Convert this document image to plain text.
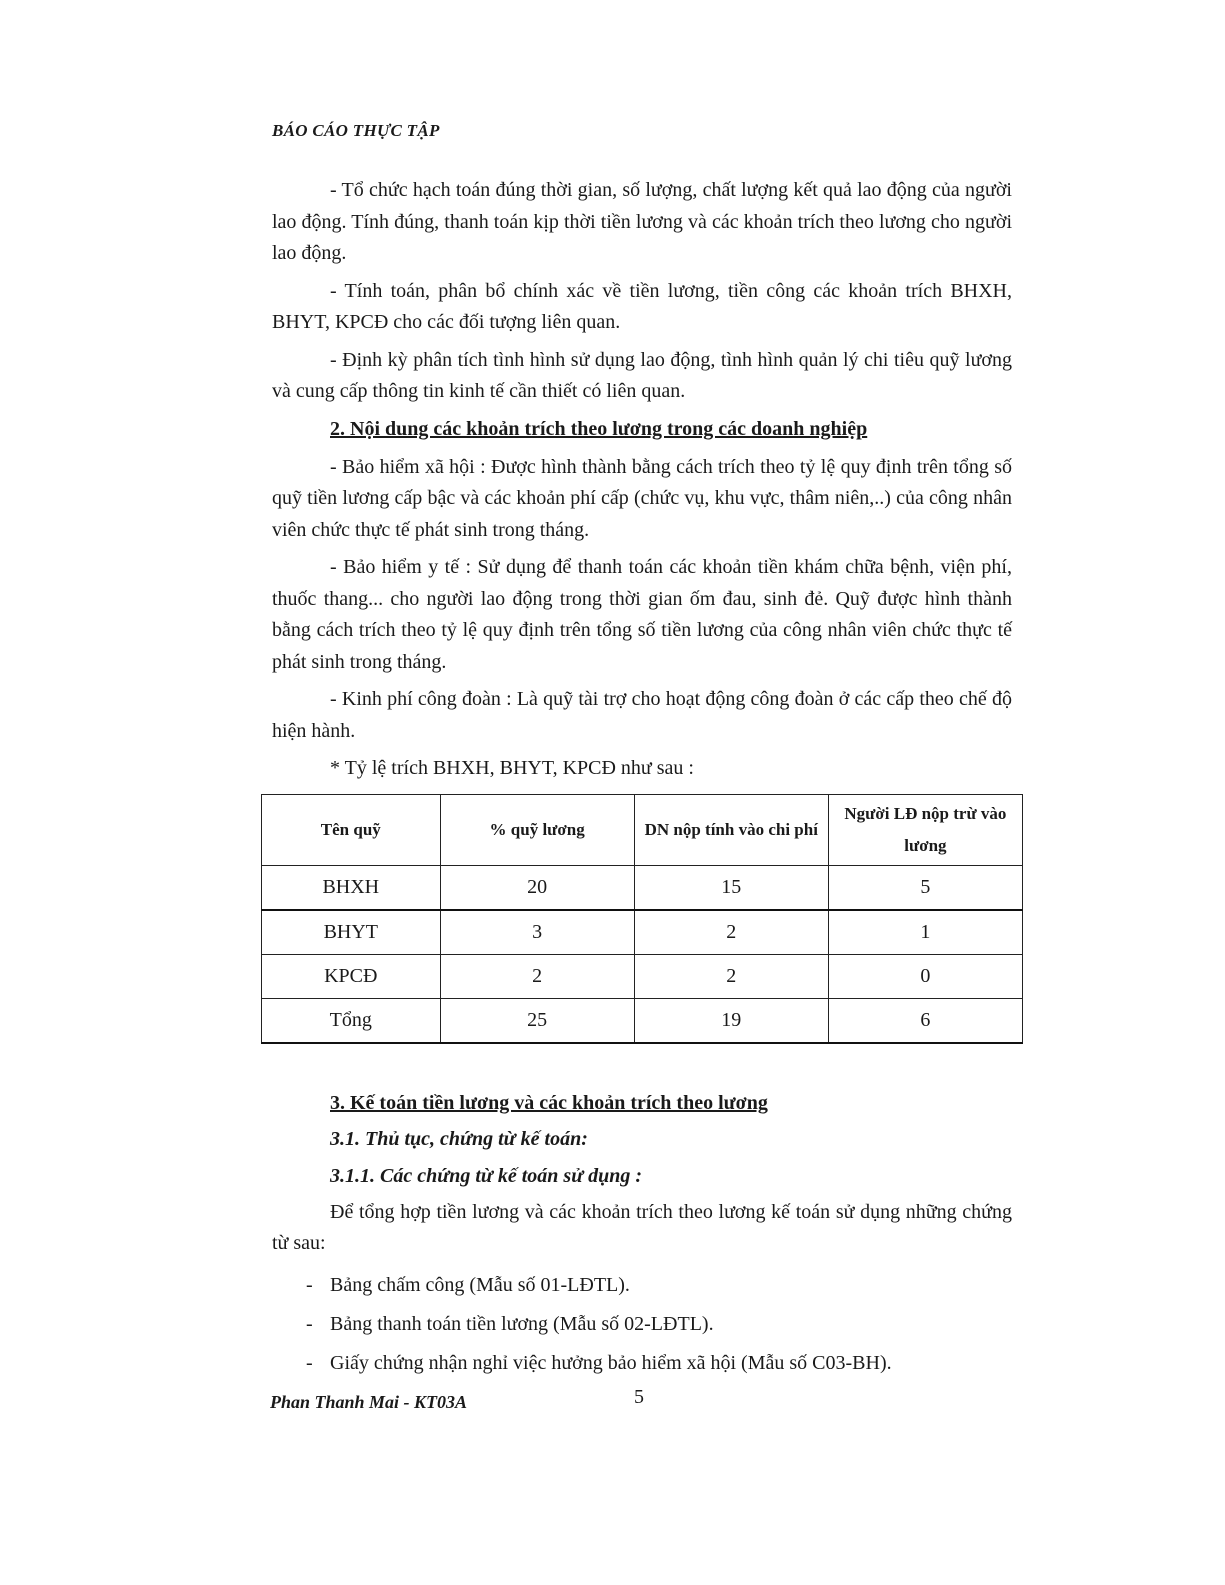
BÁO CÁO THỰC TẬP

- Tổ chức hạch toán đúng thời gian, số lượng, chất lượng kết quả lao động của người lao động. Tính đúng, thanh toán kịp thời tiền lương và các khoản trích theo lương cho người lao động.

- Tính toán, phân bổ chính xác về tiền lương, tiền công các khoản trích BHXH, BHYT, KPCĐ cho các đối tượng liên quan.

- Định kỳ phân tích tình hình sử dụng lao động, tình hình quản lý chi tiêu quỹ lương và cung cấp thông tin kinh tế cần thiết có liên quan.

2. Nội dung các khoản trích theo lương trong các doanh nghiệp

- Bảo hiểm xã hội : Được hình thành bằng cách trích theo tỷ lệ quy định trên tổng số quỹ tiền lương cấp bậc và các khoản phí cấp (chức vụ, khu vực, thâm niên,..) của công nhân viên chức thực tế phát sinh trong tháng.

- Bảo hiểm y tế : Sử dụng để thanh toán các khoản tiền khám chữa bệnh, viện phí, thuốc thang... cho người lao động trong thời gian ốm đau, sinh đẻ. Quỹ được hình thành bằng cách trích theo tỷ lệ quy định trên tổng số tiền lương của công nhân viên chức thực tế phát sinh trong tháng.

- Kinh phí công đoàn : Là quỹ tài trợ cho hoạt động công đoàn ở các cấp theo chế độ hiện hành.

* Tỷ lệ trích BHXH, BHYT, KPCĐ như sau :

Tên quỹ	% quỹ lương	DN nộp tính vào chi phí	Người LĐ nộp trừ vào lương
BHXH	20	15	5
BHYT	3	2	1
KPCĐ	2	2	0
Tổng	25	19	6

3. Kế toán tiền lương và các khoản trích theo lương

3.1. Thủ tục, chứng từ kế toán:

3.1.1. Các chứng từ kế toán sử dụng :

Để tổng hợp tiền lương và các khoản trích theo lương kế toán sử dụng những chứng từ sau:

- Bảng chấm công (Mẫu số 01-LĐTL).
- Bảng thanh toán tiền lương (Mẫu số 02-LĐTL).
- Giấy chứng nhận nghỉ việc hưởng bảo hiểm xã hội (Mẫu số C03-BH).
Phan Thanh Mai - KT03A	5
